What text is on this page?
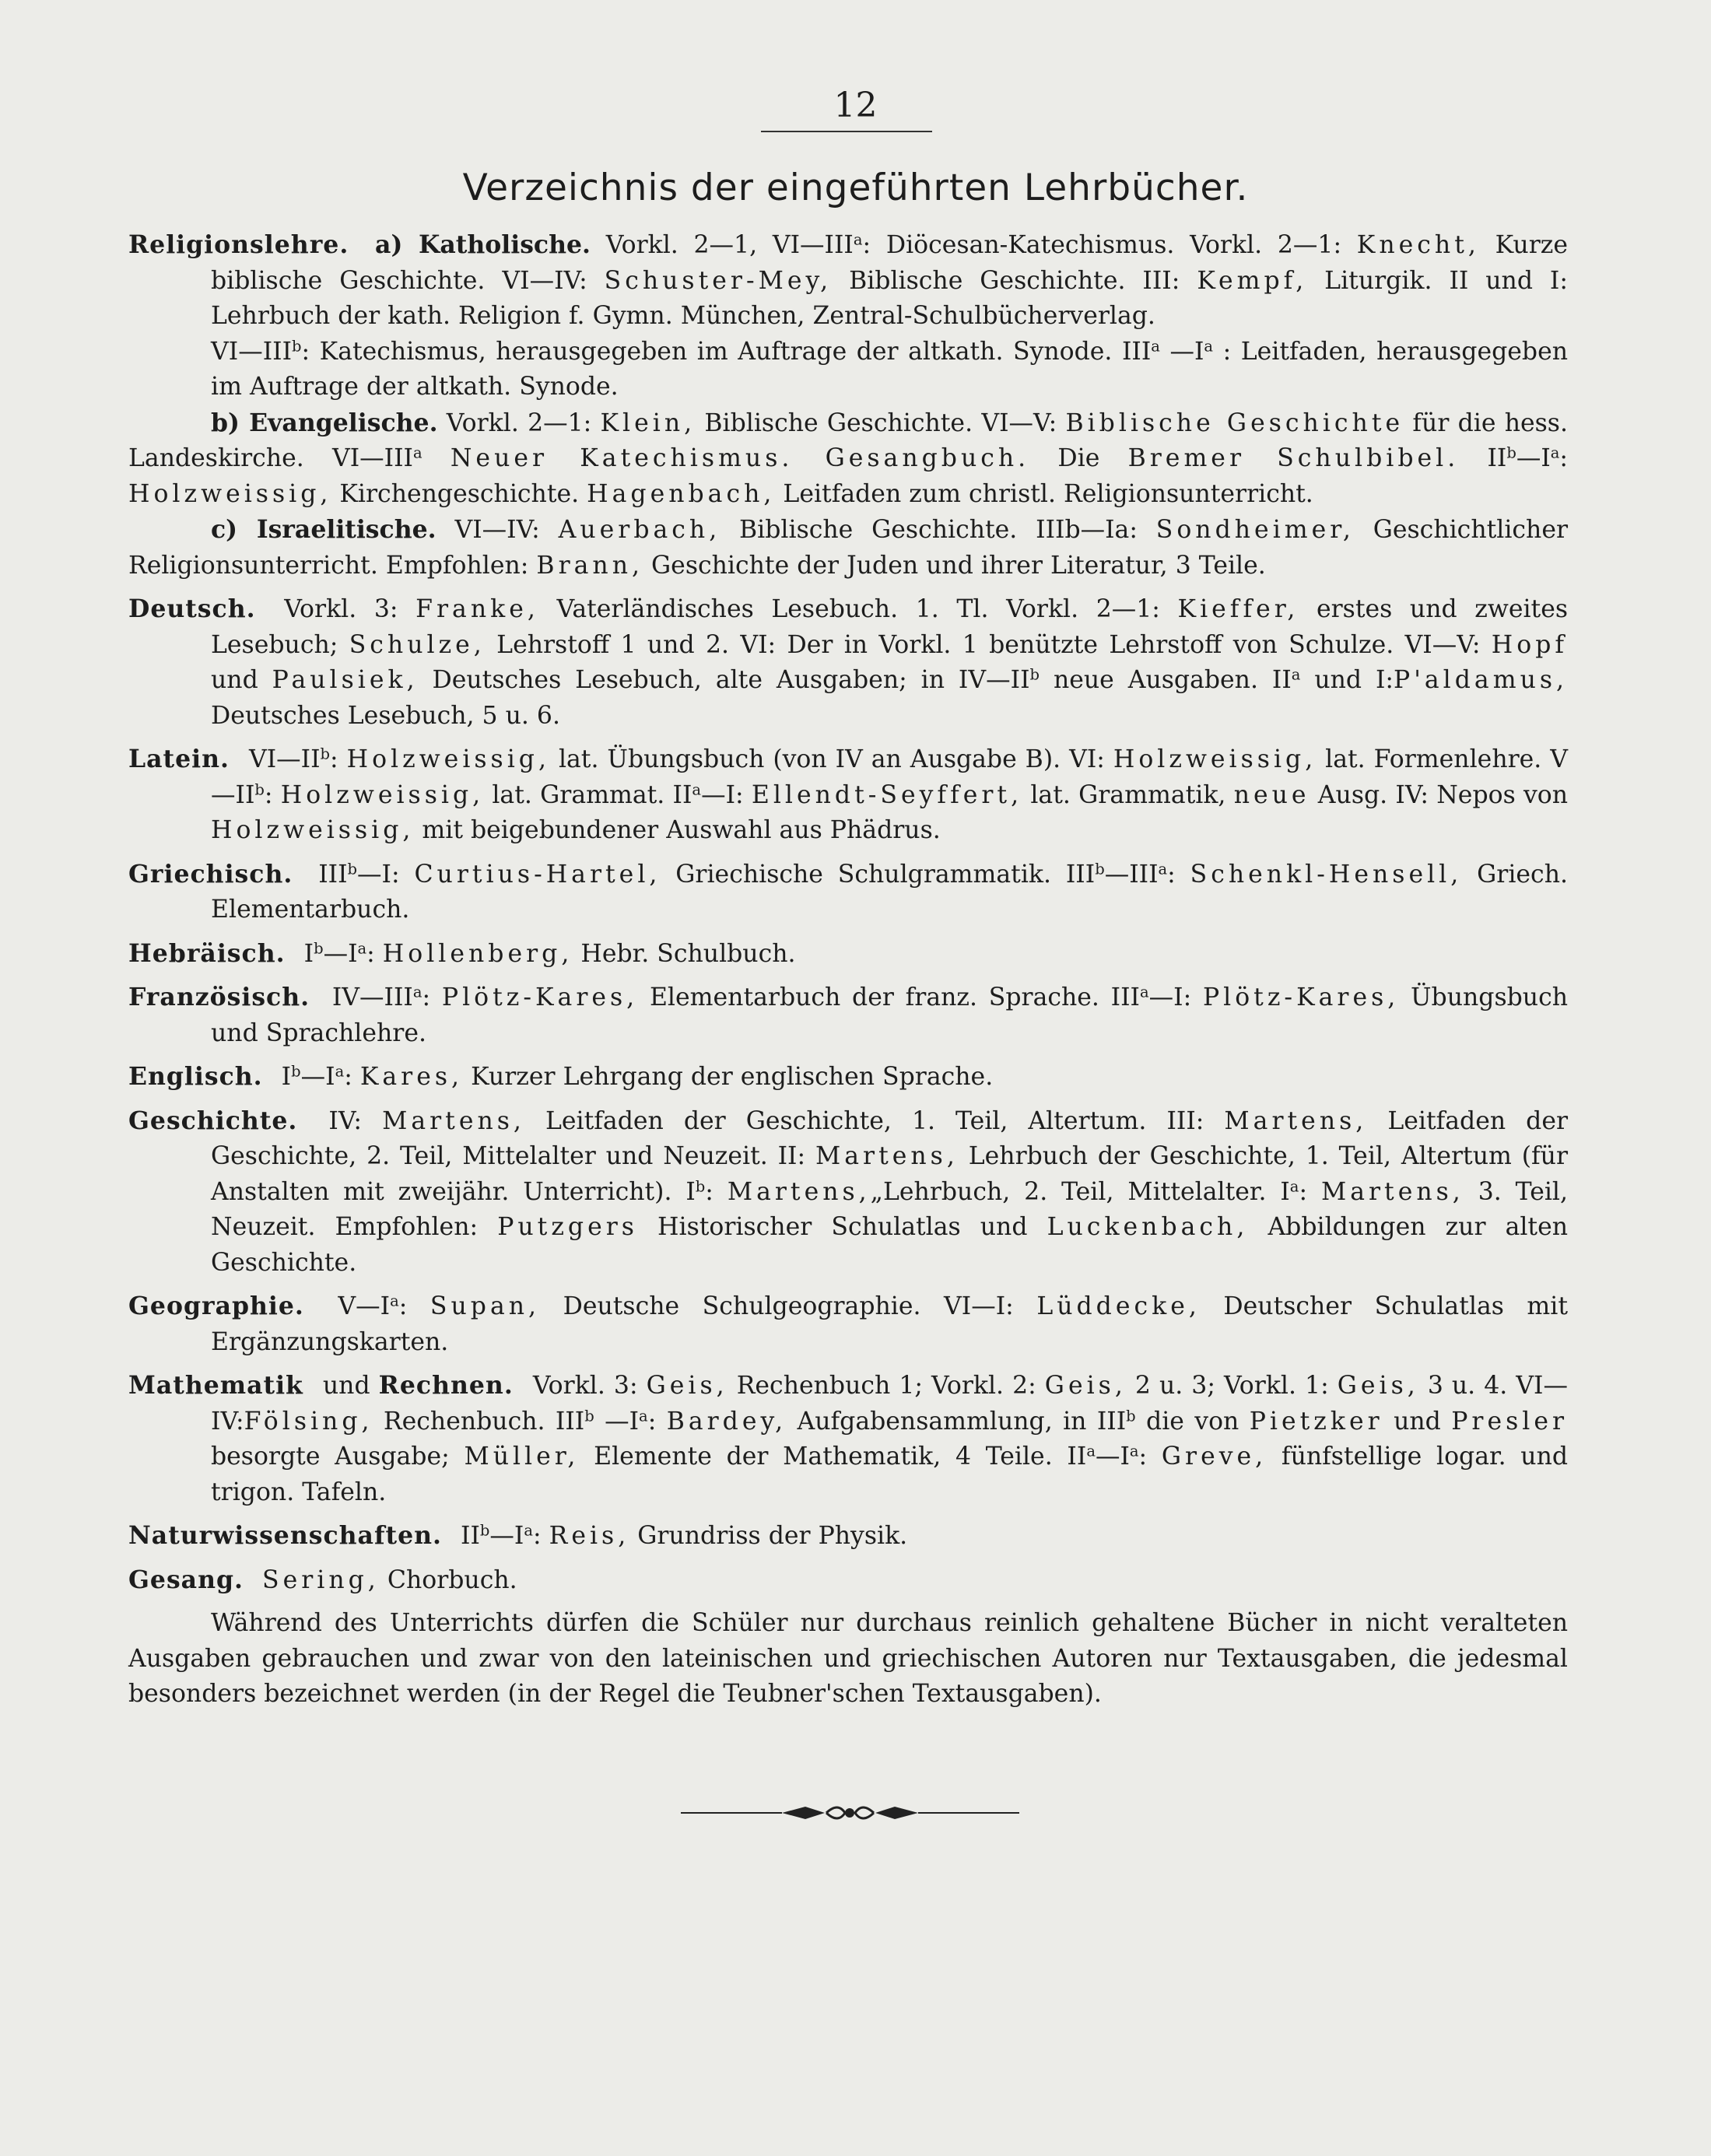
12
Verzeichnis der eingeführten Lehrbücher.

Religionslehre. a) Katholische. Vorkl. 2—1, VI—III$^a$: Diöcesan-Katechismus. Vorkl. 2—1: Knecht, Kurze biblische Geschichte. VI—IV: Schuster-Mey, Biblische Geschichte. III: Kempf, Liturgik. II und I: Lehrbuch der kath. Religion f. Gymn. München, Zentral-Schulbücherverlag.

VI—III$^b$: Katechismus, herausgegeben im Auftrage der altkath. Synode. III$^a$ $—I^a$ : Leitfaden, herausgegeben im Auftrage der altkath. Synode.

b) Evangelische. Vorkl. 2—1: Klein, Biblische Geschichte. VI—V: Biblische Geschichte für die hess. Landeskirche. VI—III$^a$ Neuer Katechismus. Gesangbuch. Die Bremer Schulbibel. $II^b—I^a$: Holzweissig, Kirchengeschichte. Hagenbach, Leitfaden zum christl. Religionsunterricht.

c) Israelitische. VI—IV: Auerbach, Biblische Geschichte. IIIb—Ia: Sondheimer, Geschichtlicher Religionsunterricht. Empfohlen: Brann, Geschichte der Juden und ihrer Literatur, 3 Teile.

Deutsch. Vorkl. 3: Franke, Vaterländisches Lesebuch. 1. Tl. Vorkl. 2—1: Kieffer, erstes und zweites Lesebuch; Schulze, Lehrstoff 1 und 2. VI: Der in Vorkl. 1 benützte Lehrstoff von Schulze. VI—V: Hopf und Paulsiek, Deutsches Lesebuch, alte Ausgaben; in $IV—II^b$ neue Ausgaben. $II^a$ und I:P'aldamus, Deutsches Lesebuch, 5 u. 6.

Latein. $VI—II^b$: Holzweissig, lat. Übungsbuch (von IV an Ausgabe B). VI: Holzweissig, lat. Formenlehre. $V—II^b$: Holzweissig, lat. Grammat. $II^a—I$: Ellendt-Seyffert, lat. Grammatik, neue Ausg. IV: Nepos von Holzweissig, mit beigebundener Auswahl aus Phädrus.

Griechisch. III$^b$—I: Curtius-Hartel, Griechische Schulgrammatik. III$^b$—III$^a$: Schenkl-Hensell, Griech. Elementarbuch.

Hebräisch. $I^b—I^a$: Hollenberg, Hebr. Schulbuch.

Französisch. IV—III$^a$: Plötz-Kares, Elementarbuch der franz. Sprache. III$^a$—I: Plötz-Kares, Übungsbuch und Sprachlehre.

Englisch. $I^b—I^a$: Kares, Kurzer Lehrgang der englischen Sprache.

Geschichte. IV: Martens, Leitfaden der Geschichte, 1. Teil, Altertum. III: Martens, Leitfaden der Geschichte, 2. Teil, Mittelalter und Neuzeit. II: Martens, Lehrbuch der Geschichte, 1. Teil, Altertum (für Anstalten mit zweijähr. Unterricht). $I^b$: Martens,„Lehrbuch, 2. Teil, Mittelalter. $I^a$: Martens, 3. Teil, Neuzeit. Empfohlen: Putzgers Historischer Schulatlas und Luckenbach, Abbildungen zur alten Geschichte.

Geographie. $V—I^a$: Supan, Deutsche Schulgeographie. VI—I: Lüddecke, Deutscher Schulatlas mit Ergänzungskarten.

Mathematik und Rechnen. Vorkl. 3: Geis, Rechenbuch 1; Vorkl. 2: Geis, 2 u. 3; Vorkl. 1: Geis, 3 u. 4. VI—IV:Fölsing, Rechenbuch. III$^b$ $—I^a$: Bardey, Aufgabensammlung, in III$^b$ die von Pietzker und Presler besorgte Ausgabe; Müller, Elemente der Mathematik, 4 Teile. $II^a—I^a$: Greve, fünfstellige logar. und trigon. Tafeln.

Naturwissenschaften. $II^b—I^a$: Reis, Grundriss der Physik.

Gesang. Sering, Chorbuch.

Während des Unterrichts dürfen die Schüler nur durchaus reinlich gehaltene Bücher in nicht veralteten Ausgaben gebrauchen und zwar von den lateinischen und griechischen Autoren nur Textausgaben, die jedesmal besonders bezeichnet werden (in der Regel die Teubner'schen Textausgaben).
